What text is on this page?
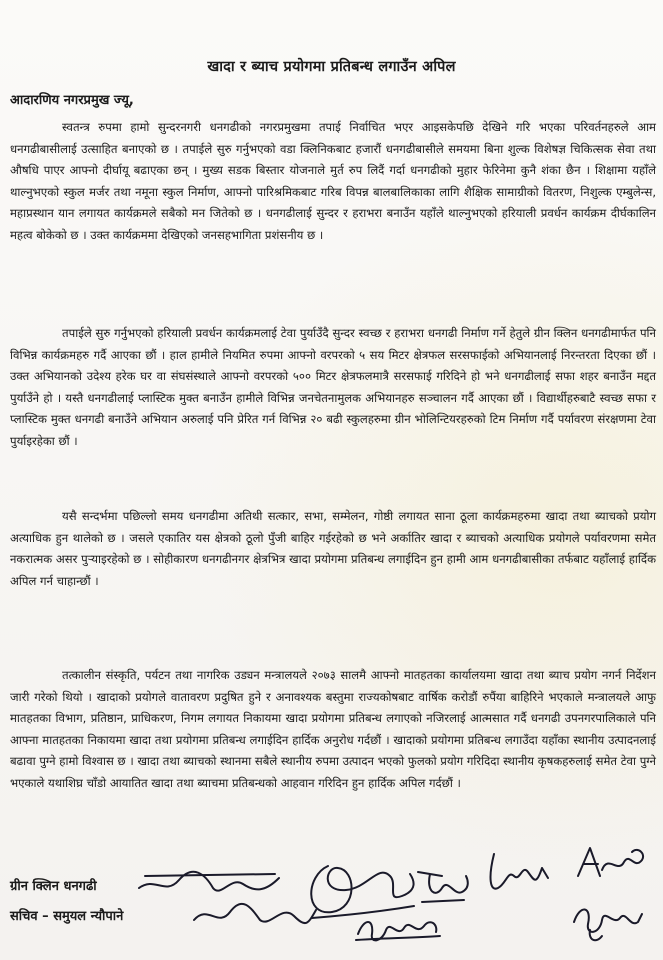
खादा र ब्याच प्रयोगमा प्रतिबन्ध लगाउँन अपिल
आदारणिय नगरप्रमुख ज्यू,

स्वतन्त्र रुपमा हामो सुन्दरनगरी धनगढीको नगरप्रमुखमा तपाई निर्वाचित भएर आइसकेपछि देखिने गरि भएका परिवर्तनहरुले आम धनगढीबासीलाई उत्साहित बनाएको छ । तपाईले सुरु गर्नुभएको वडा क्लिनिकबाट हजारौं धनगढीबासीले समयमा बिना शुल्क विशेषज्ञ चिकित्सक सेवा तथा औषधि पाएर आफ्नो दीर्घायू बढाएका छन् । मुख्य सडक बिस्तार योजनाले मुर्त रुप लिदैं गर्दा धनगढीको मुहार फेरिनेमा कुनै शंका छैन । शिक्षामा यहाँले थाल्नुभएको स्कुल मर्जर तथा नमूना स्कुल निर्माण, आफ्नो पारिश्रमिकबाट गरिब विपन्न बालबालिकाका लागि शैक्षिक सामाग्रीको वितरण, निशुल्क एम्बुलेन्स, महाप्रस्थान यान लगायत कार्यक्रमले सबैको मन जितेको छ । धनगढीलाई सुन्दर र हराभरा बनाउँन यहाँले थाल्नुभएको हरियाली प्रवर्धन कार्यक्रम दीर्घकालिन महत्व बोकेको छ । उक्त कार्यक्रममा देखिएको जनसहभागिता प्रशंसनीय छ ।

तपाईले सुरु गर्नुभएको हरियाली प्रवर्धन कार्यक्रमलाई टेवा पुर्याउँदै सुन्दर स्वच्छ र हराभरा धनगढी निर्माण गर्ने हेतुले ग्रीन क्लिन धनगढीमार्फत पनि विभिन्न कार्यक्रमहरु गर्दै आएका छौं । हाल हामीले नियमित रुपमा आफ्नो वरपरको ५ सय मिटर क्षेत्रफल सरसफाईको अभियानलाई निरन्तरता दिएका छौं । उक्त अभियानको उदेश्य हरेक घर वा संघसंस्थाले आफ्नो वरपरको ५०० मिटर क्षेत्रफलमात्रै सरसफाई गरिदिने हो भने धनगढीलाई सफा शहर बनाउँन मद्दत पुर्याउँने हो । यस्तै धनगढीलाई प्लास्टिक मुक्त बनाउँन हामीले विभिन्न जनचेतनामुलक अभियानहरु सञ्चालन गर्दै आएका छौं । विद्यार्थीहरुबाटै स्वच्छ सफा र प्लास्टिक मुक्त धनगढी बनाउँने अभियान अरुलाई पनि प्रेरित गर्न विभिन्न २० बढी स्कुलहरुमा ग्रीन भोलिन्टियरहरुको टिम निर्माण गर्दै पर्यावरण संरक्षणमा टेवा पुर्याइरहेका छौं ।

यसै सन्दर्भमा पछिल्लो समय धनगढीमा अतिथी सत्कार, सभा, सम्मेलन, गोष्ठी लगायत साना ठूला कार्यक्रमहरुमा खादा तथा ब्याचको प्रयोग अत्याधिक हुन थालेको छ । जसले एकातिर यस क्षेत्रको ठूलो पुँजी बाहिर गईरहेको छ भने अर्कातिर खादा र ब्याचको अत्याधिक प्रयोगले पर्यावरणमा समेत नकरात्मक असर पुऱ्याइरहेको छ । सोहीकारण धनगढीनगर क्षेत्रभित्र खादा प्रयोगमा प्रतिबन्ध लगाईदिन हुन हामी आम धनगढीबासीका तर्फबाट यहाँलाई हार्दिक अपिल गर्न चाहान्छौं ।

तत्कालीन संस्कृति, पर्यटन तथा नागरिक उड्यन मन्त्रालयले २०७३ सालमै आफ्नो मातहतका कार्यालयमा खादा तथा ब्याच प्रयोग नगर्न निर्देशन जारी गरेको थियो । खादाको प्रयोगले वातावरण प्रदुषित हुने र अनावश्यक बस्तुमा राज्यकोषबाट वार्षिक करोडौं रुपैंया बाहिरिने भएकाले मन्त्रालयले आफु मातहतका विभाग, प्रतिष्ठान, प्राधिकरण, निगम लगायत निकायमा खादा प्रयोगमा प्रतिबन्ध लगाएको नजिरलाई आत्मसात गर्दै धनगढी उपनगरपालिकाले पनि आफ्ना मातहतका निकायमा खादा तथा प्रयोगमा प्रतिबन्ध लगाईदिन हार्दिक अनुरोध गर्दछौं । खादाको प्रयोगमा प्रतिबन्ध लगाउँदा यहाँका स्थानीय उत्पादनलाई बढावा पुग्ने हामो विश्वास छ । खादा तथा ब्याचको स्थानमा सबैले स्थानीय रुपमा उत्पादन भएको फुलको प्रयोग गरिदिदा स्थानीय कृषकहरुलाई समेत टेवा पुग्ने भएकाले यथाशिघ्र चाँडो आयातित खादा तथा ब्याचमा प्रतिबन्धको आहवान गरिदिन हुन हार्दिक अपिल गर्दछौं ।

ग्रीन क्लिन धनगढी
सचिव – समुयल न्यौपाने
